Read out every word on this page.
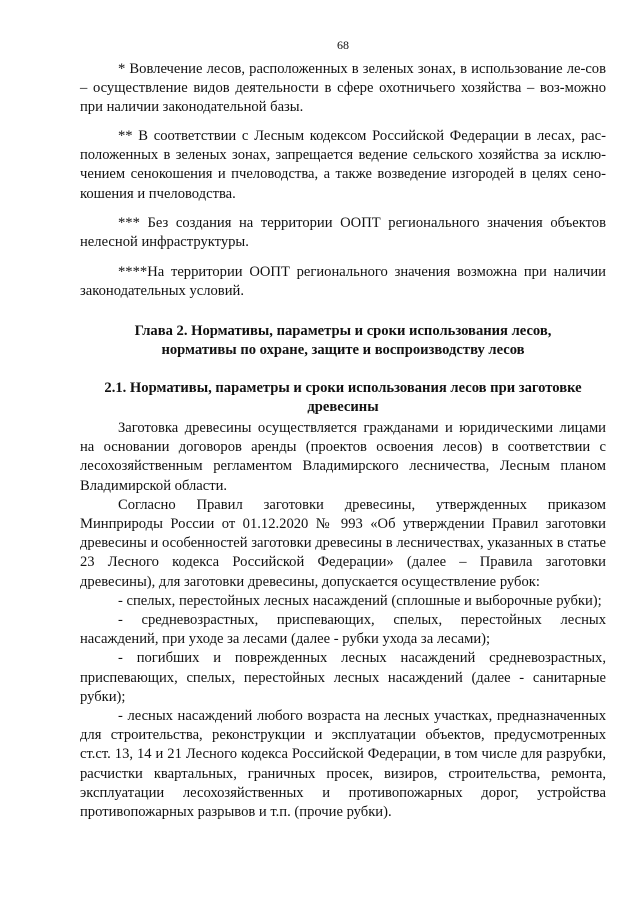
68

* Вовлечение лесов, расположенных в зеленых зонах, в использование ле-сов – осуществление видов деятельности в сфере охотничьего хозяйства – воз-можно при наличии законодательной базы.

** В соответствии с Лесным кодексом Российской Федерации в лесах, рас-положенных в зеленых зонах, запрещается ведение сельского хозяйства за исклю-чением сенокошения и пчеловодства, а также возведение изгородей в целях сено-кошения и пчеловодства.

*** Без создания на территории ООПТ регионального значения объектов нелесной инфраструктуры.

****На территории ООПТ регионального значения возможна при наличии законодательных условий.

Глава 2. Нормативы, параметры и сроки использования лесов,

нормативы по охране, защите и воспроизводству лесов

2.1. Нормативы, параметры и сроки использования лесов при заготовке

древесины

Заготовка древесины осуществляется гражданами и юридическими лицами на основании договоров аренды (проектов освоения лесов) в соответствии с лесохозяйственным регламентом Владимирского лесничества, Лесным планом Владимирской области.

Согласно Правил заготовки древесины, утвержденных приказом Минприроды России от 01.12.2020 № 993 «Об утверждении Правил заготовки древесины и особенностей заготовки древесины в лесничествах, указанных в статье 23 Лесного кодекса Российской Федерации» (далее – Правила заготовки древесины), для заготовки древесины, допускается осуществление рубок:

- спелых, перестойных лесных насаждений (сплошные и выборочные рубки);

- средневозрастных, приспевающих, спелых, перестойных лесных насаждений, при уходе за лесами (далее - рубки ухода за лесами);

- погибших и поврежденных лесных насаждений средневозрастных, приспевающих, спелых, перестойных лесных насаждений (далее - санитарные рубки);

- лесных насаждений любого возраста на лесных участках, предназначенных для строительства, реконструкции и эксплуатации объектов, предусмотренных ст.ст. 13, 14 и 21 Лесного кодекса Российской Федерации, в том числе для разрубки, расчистки квартальных, граничных просек, визиров, строительства, ремонта, эксплуатации лесохозяйственных и противопожарных дорог, устройства противопожарных разрывов и т.п. (прочие рубки).
